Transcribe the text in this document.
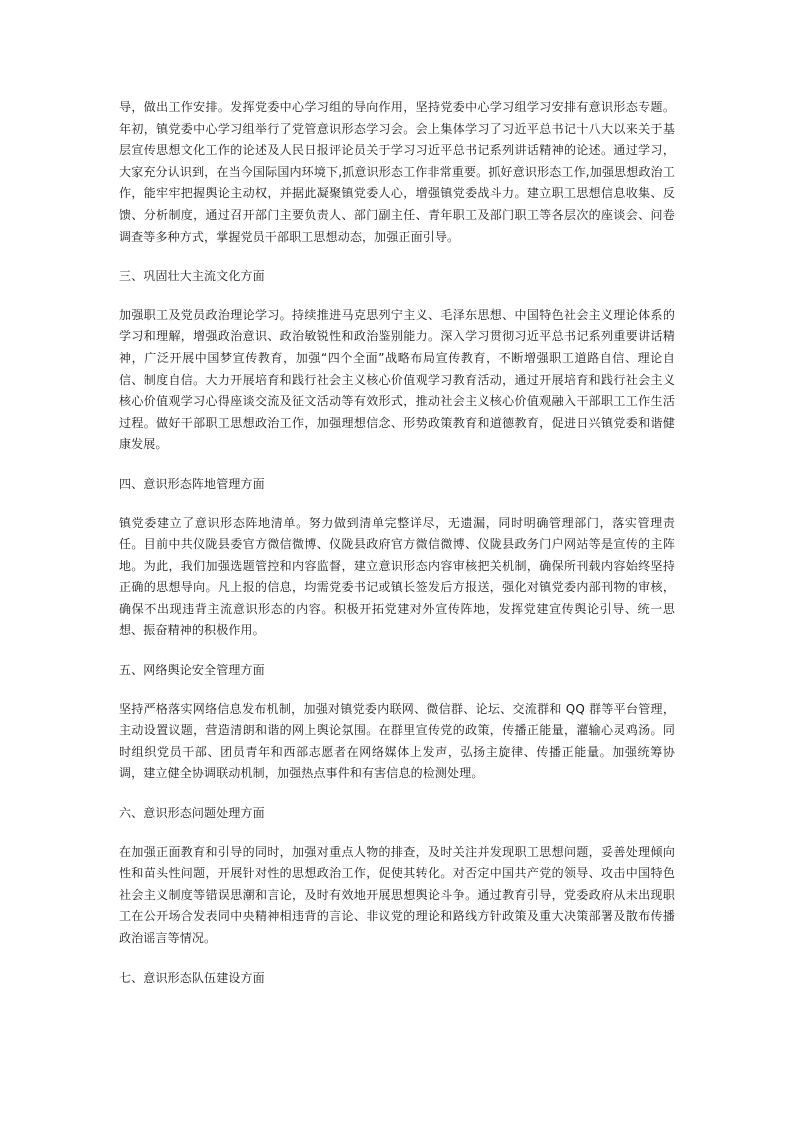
导，做出工作安排。发挥党委中心学习组的导向作用，坚持党委中心学习组学习安排有意识形态专题。年初，镇党委中心学习组举行了党管意识形态学习会。会上集体学习了习近平总书记十八大以来关于基层宣传思想文化工作的论述及人民日报评论员关于学习习近平总书记系列讲话精神的论述。通过学习，大家充分认识到，在当今国际国内环境下,抓意识形态工作非常重要。抓好意识形态工作,加强思想政治工作，能牢牢把握舆论主动权，并据此凝聚镇党委人心，增强镇党委战斗力。建立职工思想信息收集、反馈、分析制度，通过召开部门主要负责人、部门副主任、青年职工及部门职工等各层次的座谈会、问卷调查等多种方式，掌握党员干部职工思想动态，加强正面引导。

三、巩固壮大主流文化方面

加强职工及党员政治理论学习。持续推进马克思列宁主义、毛泽东思想、中国特色社会主义理论体系的学习和理解，增强政治意识、政治敏锐性和政治鉴别能力。深入学习贯彻习近平总书记系列重要讲话精神，广泛开展中国梦宣传教育，加强“四个全面”战略布局宣传教育，不断增强职工道路自信、理论自信、制度自信。大力开展培育和践行社会主义核心价值观学习教育活动，通过开展培育和践行社会主义核心价值观学习心得座谈交流及征文活动等有效形式，推动社会主义核心价值观融入干部职工工作生活过程。做好干部职工思想政治工作，加强理想信念、形势政策教育和道德教育，促进日兴镇党委和谐健康发展。

四、意识形态阵地管理方面

镇党委建立了意识形态阵地清单。努力做到清单完整详尽，无遗漏，同时明确管理部门，落实管理责任。目前中共仪陇县委官方微信微博、仪陇县政府官方微信微博、仪陇县政务门户网站等是宣传的主阵地。为此，我们加强选题管控和内容监督，建立意识形态内容审核把关机制，确保所刊载内容始终坚持正确的思想导向。凡上报的信息，均需党委书记或镇长签发后方报送，强化对镇党委内部刊物的审核，确保不出现违背主流意识形态的内容。积极开拓党建对外宣传阵地，发挥党建宣传舆论引导、统一思想、振奋精神的积极作用。

五、网络舆论安全管理方面

坚持严格落实网络信息发布机制，加强对镇党委内联网、微信群、论坛、交流群和 QQ 群等平台管理，主动设置议题，营造清朗和谐的网上舆论氛围。在群里宣传党的政策，传播正能量，灌输心灵鸡汤。同时组织党员干部、团员青年和西部志愿者在网络媒体上发声，弘扬主旋律、传播正能量。加强统筹协调，建立健全协调联动机制，加强热点事件和有害信息的检测处理。

六、意识形态问题处理方面

在加强正面教育和引导的同时，加强对重点人物的排查，及时关注并发现职工思想问题，妥善处理倾向性和苗头性问题，开展针对性的思想政治工作，促使其转化。对否定中国共产党的领导、攻击中国特色社会主义制度等错误思潮和言论，及时有效地开展思想舆论斗争。通过教育引导，党委政府从未出现职工在公开场合发表同中央精神相违背的言论、非议党的理论和路线方针政策及重大决策部署及散布传播政治谣言等情况。

七、意识形态队伍建设方面
